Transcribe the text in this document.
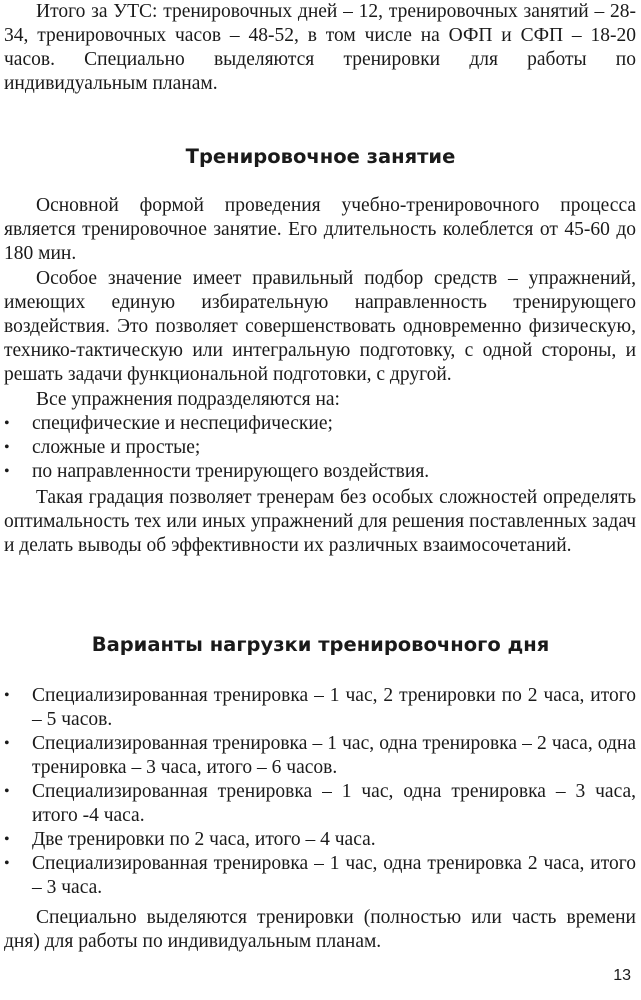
Итого за УТС: тренировочных дней – 12, тренировочных занятий – 28-34, тренировочных часов – 48-52, в том числе на ОФП и СФП – 18-20 часов. Специально выделяются тренировки для работы по индивидуальным планам.

Тренировочное занятие

Основной формой проведения учебно-тренировочного процесса является тренировочное занятие. Его длительность колеблется от 45-60 до 180 мин.

Особое значение имеет правильный подбор средств – упражнений, имеющих единую избирательную направленность тренирующего воздействия. Это позволяет совершенствовать одновременно физическую, технико-тактическую или интегральную подготовку, с одной стороны, и решать задачи функциональной подготовки, с другой.

Все упражнения подразделяются на:

• специфические и неспецифические;
• сложные и простые;
• по направленности тренирующего воздействия.

Такая градация позволяет тренерам без особых сложностей определять оптимальность тех или иных упражнений для решения поставленных задач и делать выводы об эффективности их различных взаимосочетаний.

Варианты нагрузки тренировочного дня
• Специализированная тренировка – 1 час, 2 тренировки по 2 часа, итого – 5 часов.
• Специализированная тренировка – 1 час, одна тренировка – 2 часа, одна тренировка – 3 часа, итого – 6 часов.
• Специализированная тренировка – 1 час, одна тренировка – 3 часа, итого -4 часа.
• Две тренировки по 2 часа, итого – 4 часа.
• Специализированная тренировка – 1 час, одна тренировка 2 часа, итого – 3 часа.

Специально выделяются тренировки (полностью или часть времени дня) для работы по индивидуальным планам.

13
